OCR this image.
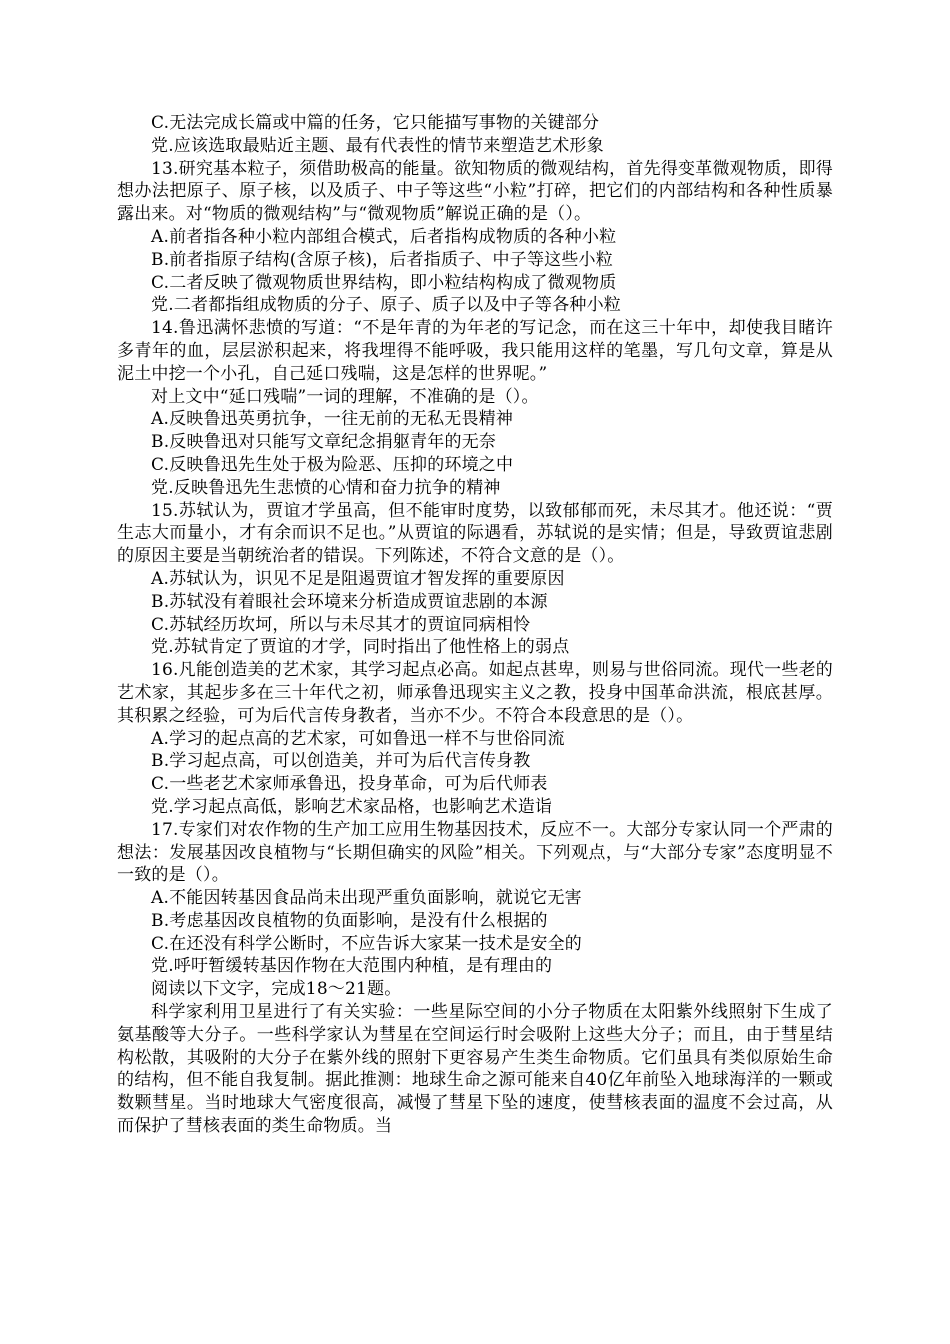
C.无法完成长篇或中篇的任务，它只能描写事物的关键部分

党.应该选取最贴近主题、最有代表性的情节来塑造艺术形象

13.研究基本粒子，须借助极高的能量。欲知物质的微观结构，首先得变革微观物质，即得想办法把原子、原子核，以及质子、中子等这些“小粒”打碎，把它们的内部结构和各种性质暴露出来。对“物质的微观结构”与“微观物质”解说正确的是（）。

A.前者指各种小粒内部组合模式，后者指构成物质的各种小粒

B.前者指原子结构(含原子核)，后者指质子、中子等这些小粒

C.二者反映了微观物质世界结构，即小粒结构构成了微观物质

党.二者都指组成物质的分子、原子、质子以及中子等各种小粒

14.鲁迅满怀悲愤的写道：“不是年青的为年老的写记念，而在这三十年中，却使我目睹许多青年的血，层层淤积起来，将我埋得不能呼吸，我只能用这样的笔墨，写几句文章，算是从泥土中挖一个小孔，自己延口残喘，这是怎样的世界呢。”

对上文中“延口残喘”一词的理解，不准确的是（）。

A.反映鲁迅英勇抗争，一往无前的无私无畏精神

B.反映鲁迅对只能写文章纪念捐躯青年的无奈

C.反映鲁迅先生处于极为险恶、压抑的环境之中

党.反映鲁迅先生悲愤的心情和奋力抗争的精神

15.苏轼认为，贾谊才学虽高，但不能审时度势，以致郁郁而死，未尽其才。他还说：“贾生志大而量小，才有余而识不足也。”从贾谊的际遇看，苏轼说的是实情；但是，导致贾谊悲剧的原因主要是当朝统治者的错误。下列陈述，不符合文意的是（）。

A.苏轼认为，识见不足是阻遏贾谊才智发挥的重要原因

B.苏轼没有着眼社会环境来分析造成贾谊悲剧的本源

C.苏轼经历坎坷，所以与未尽其才的贾谊同病相怜

党.苏轼肯定了贾谊的才学，同时指出了他性格上的弱点

16.凡能创造美的艺术家，其学习起点必高。如起点甚卑，则易与世俗同流。现代一些老的艺术家，其起步多在三十年代之初，师承鲁迅现实主义之教，投身中国革命洪流，根底甚厚。其积累之经验，可为后代言传身教者，当亦不少。不符合本段意思的是（）。

A.学习的起点高的艺术家，可如鲁迅一样不与世俗同流

B.学习起点高，可以创造美，并可为后代言传身教

C.一些老艺术家师承鲁迅，投身革命，可为后代师表

党.学习起点高低，影响艺术家品格，也影响艺术造诣

17.专家们对农作物的生产加工应用生物基因技术，反应不一。大部分专家认同一个严肃的想法：发展基因改良植物与“长期但确实的风险”相关。下列观点，与“大部分专家”态度明显不一致的是（）。

A.不能因转基因食品尚未出现严重负面影响，就说它无害

B.考虑基因改良植物的负面影响，是没有什么根据的

C.在还没有科学公断时，不应告诉大家某一技术是安全的

党.呼吁暂缓转基因作物在大范围内种植，是有理由的

阅读以下文字，完成18～21题。

科学家利用卫星进行了有关实验：一些星际空间的小分子物质在太阳紫外线照射下生成了氨基酸等大分子。一些科学家认为彗星在空间运行时会吸附上这些大分子；而且，由于彗星结构松散，其吸附的大分子在紫外线的照射下更容易产生类生命物质。它们虽具有类似原始生命的结构，但不能自我复制。据此推测：地球生命之源可能来自40亿年前坠入地球海洋的一颗或数颗彗星。当时地球大气密度很高，减慢了彗星下坠的速度，使彗核表面的温度不会过高，从而保护了彗核表面的类生命物质。当
